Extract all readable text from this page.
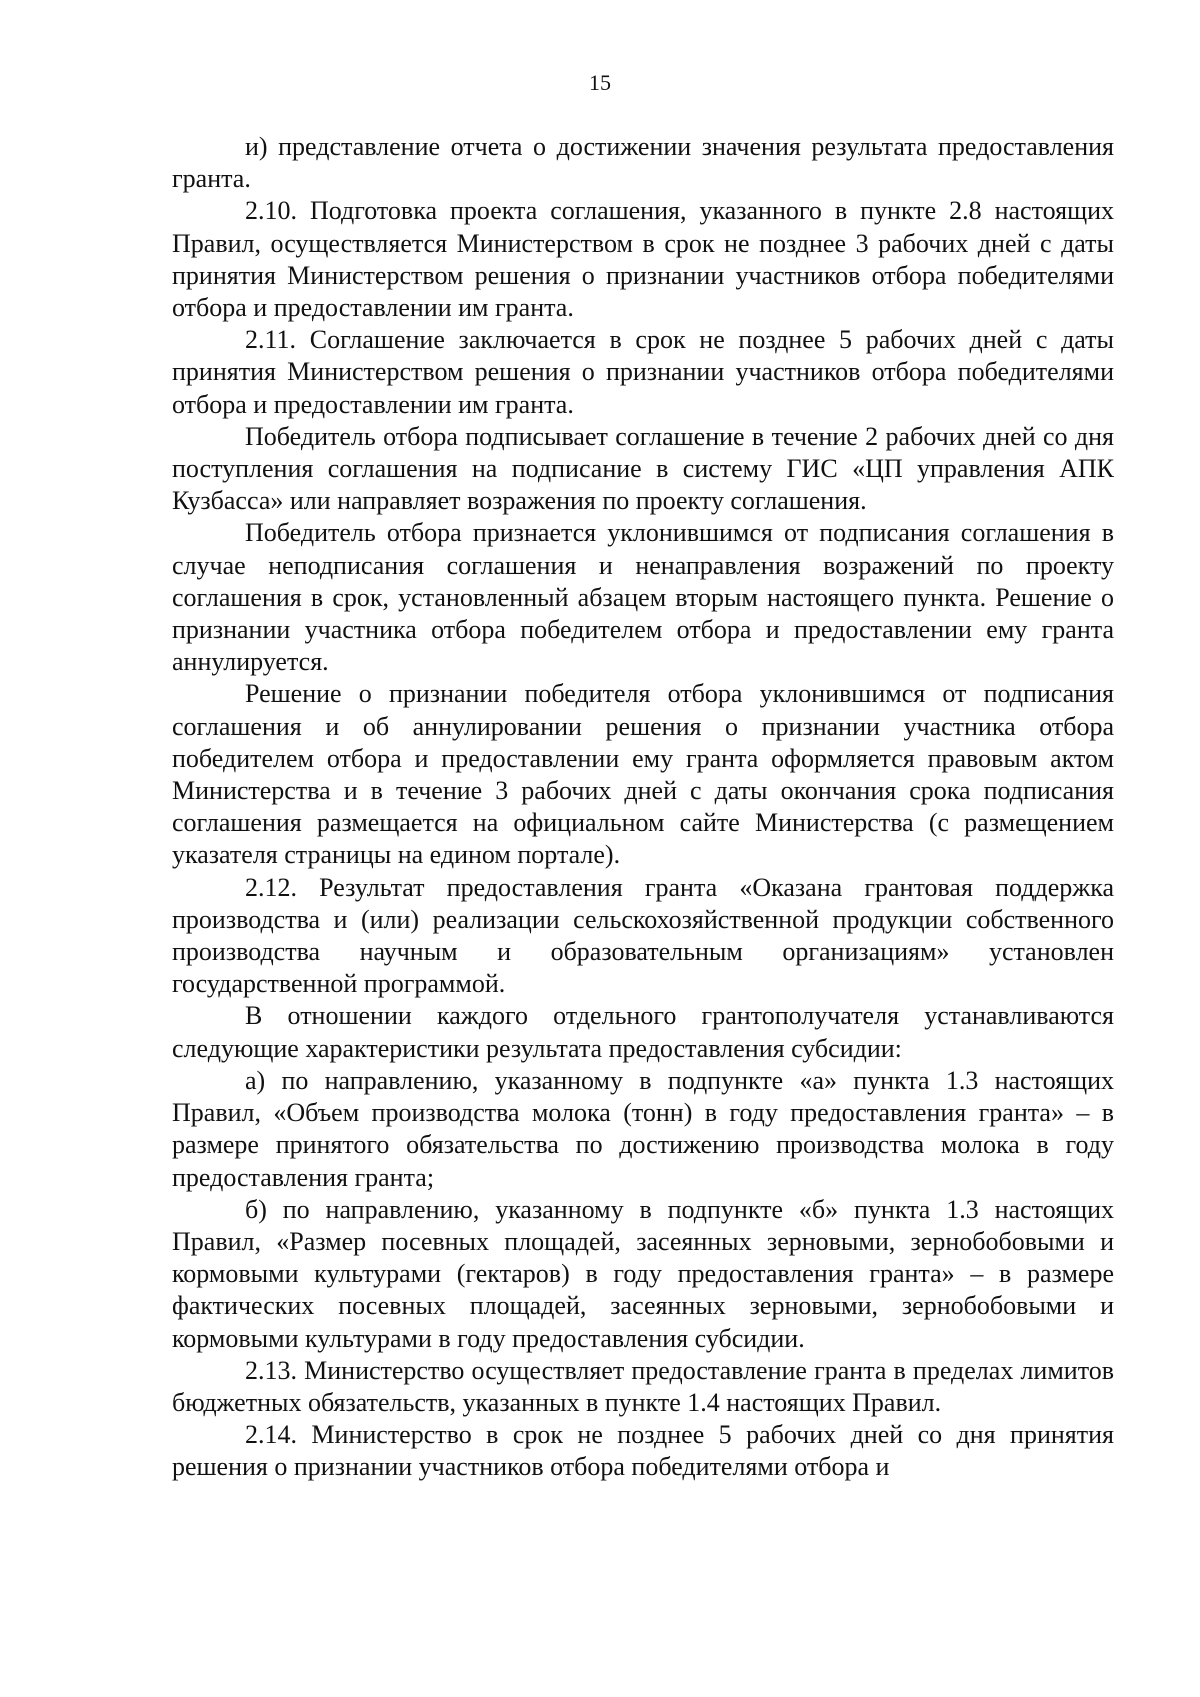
15

и) представление отчета о достижении значения результата предоставления гранта.

2.10. Подготовка проекта соглашения, указанного в пункте 2.8 настоящих Правил, осуществляется Министерством в срок не позднее 3 рабочих дней с даты принятия Министерством решения о признании участников отбора победителями отбора и предоставлении им гранта.

2.11. Соглашение заключается в срок не позднее 5 рабочих дней с даты принятия Министерством решения о признании участников отбора победителями отбора и предоставлении им гранта.

Победитель отбора подписывает соглашение в течение 2 рабочих дней со дня поступления соглашения на подписание в систему ГИС «ЦП управления АПК Кузбасса» или направляет возражения по проекту соглашения.

Победитель отбора признается уклонившимся от подписания соглашения в случае неподписания соглашения и ненаправления возражений по проекту соглашения в срок, установленный абзацем вторым настоящего пункта. Решение о признании участника отбора победителем отбора и предоставлении ему гранта аннулируется.

Решение о признании победителя отбора уклонившимся от подписания соглашения и об аннулировании решения о признании участника отбора победителем отбора и предоставлении ему гранта оформляется правовым актом Министерства и в течение 3 рабочих дней с даты окончания срока подписания соглашения размещается на официальном сайте Министерства (с размещением указателя страницы на едином портале).

2.12. Результат предоставления гранта «Оказана грантовая поддержка производства и (или) реализации сельскохозяйственной продукции собственного производства научным и образовательным организациям» установлен государственной программой.

В отношении каждого отдельного грантополучателя устанавливаются следующие характеристики результата предоставления субсидии:

а) по направлению, указанному в подпункте «а» пункта 1.3 настоящих Правил, «Объем производства молока (тонн) в году предоставления гранта» – в размере принятого обязательства по достижению производства молока в году предоставления гранта;

б) по направлению, указанному в подпункте «б» пункта 1.3 настоящих Правил, «Размер посевных площадей, засеянных зерновыми, зернобобовыми и кормовыми культурами (гектаров) в году предоставления гранта» – в размере фактических посевных площадей, засеянных зерновыми, зернобобовыми и кормовыми культурами в году предоставления субсидии.

2.13. Министерство осуществляет предоставление гранта в пределах лимитов бюджетных обязательств, указанных в пункте 1.4 настоящих Правил.

2.14. Министерство в срок не позднее 5 рабочих дней со дня принятия решения о признании участников отбора победителями отбора и
